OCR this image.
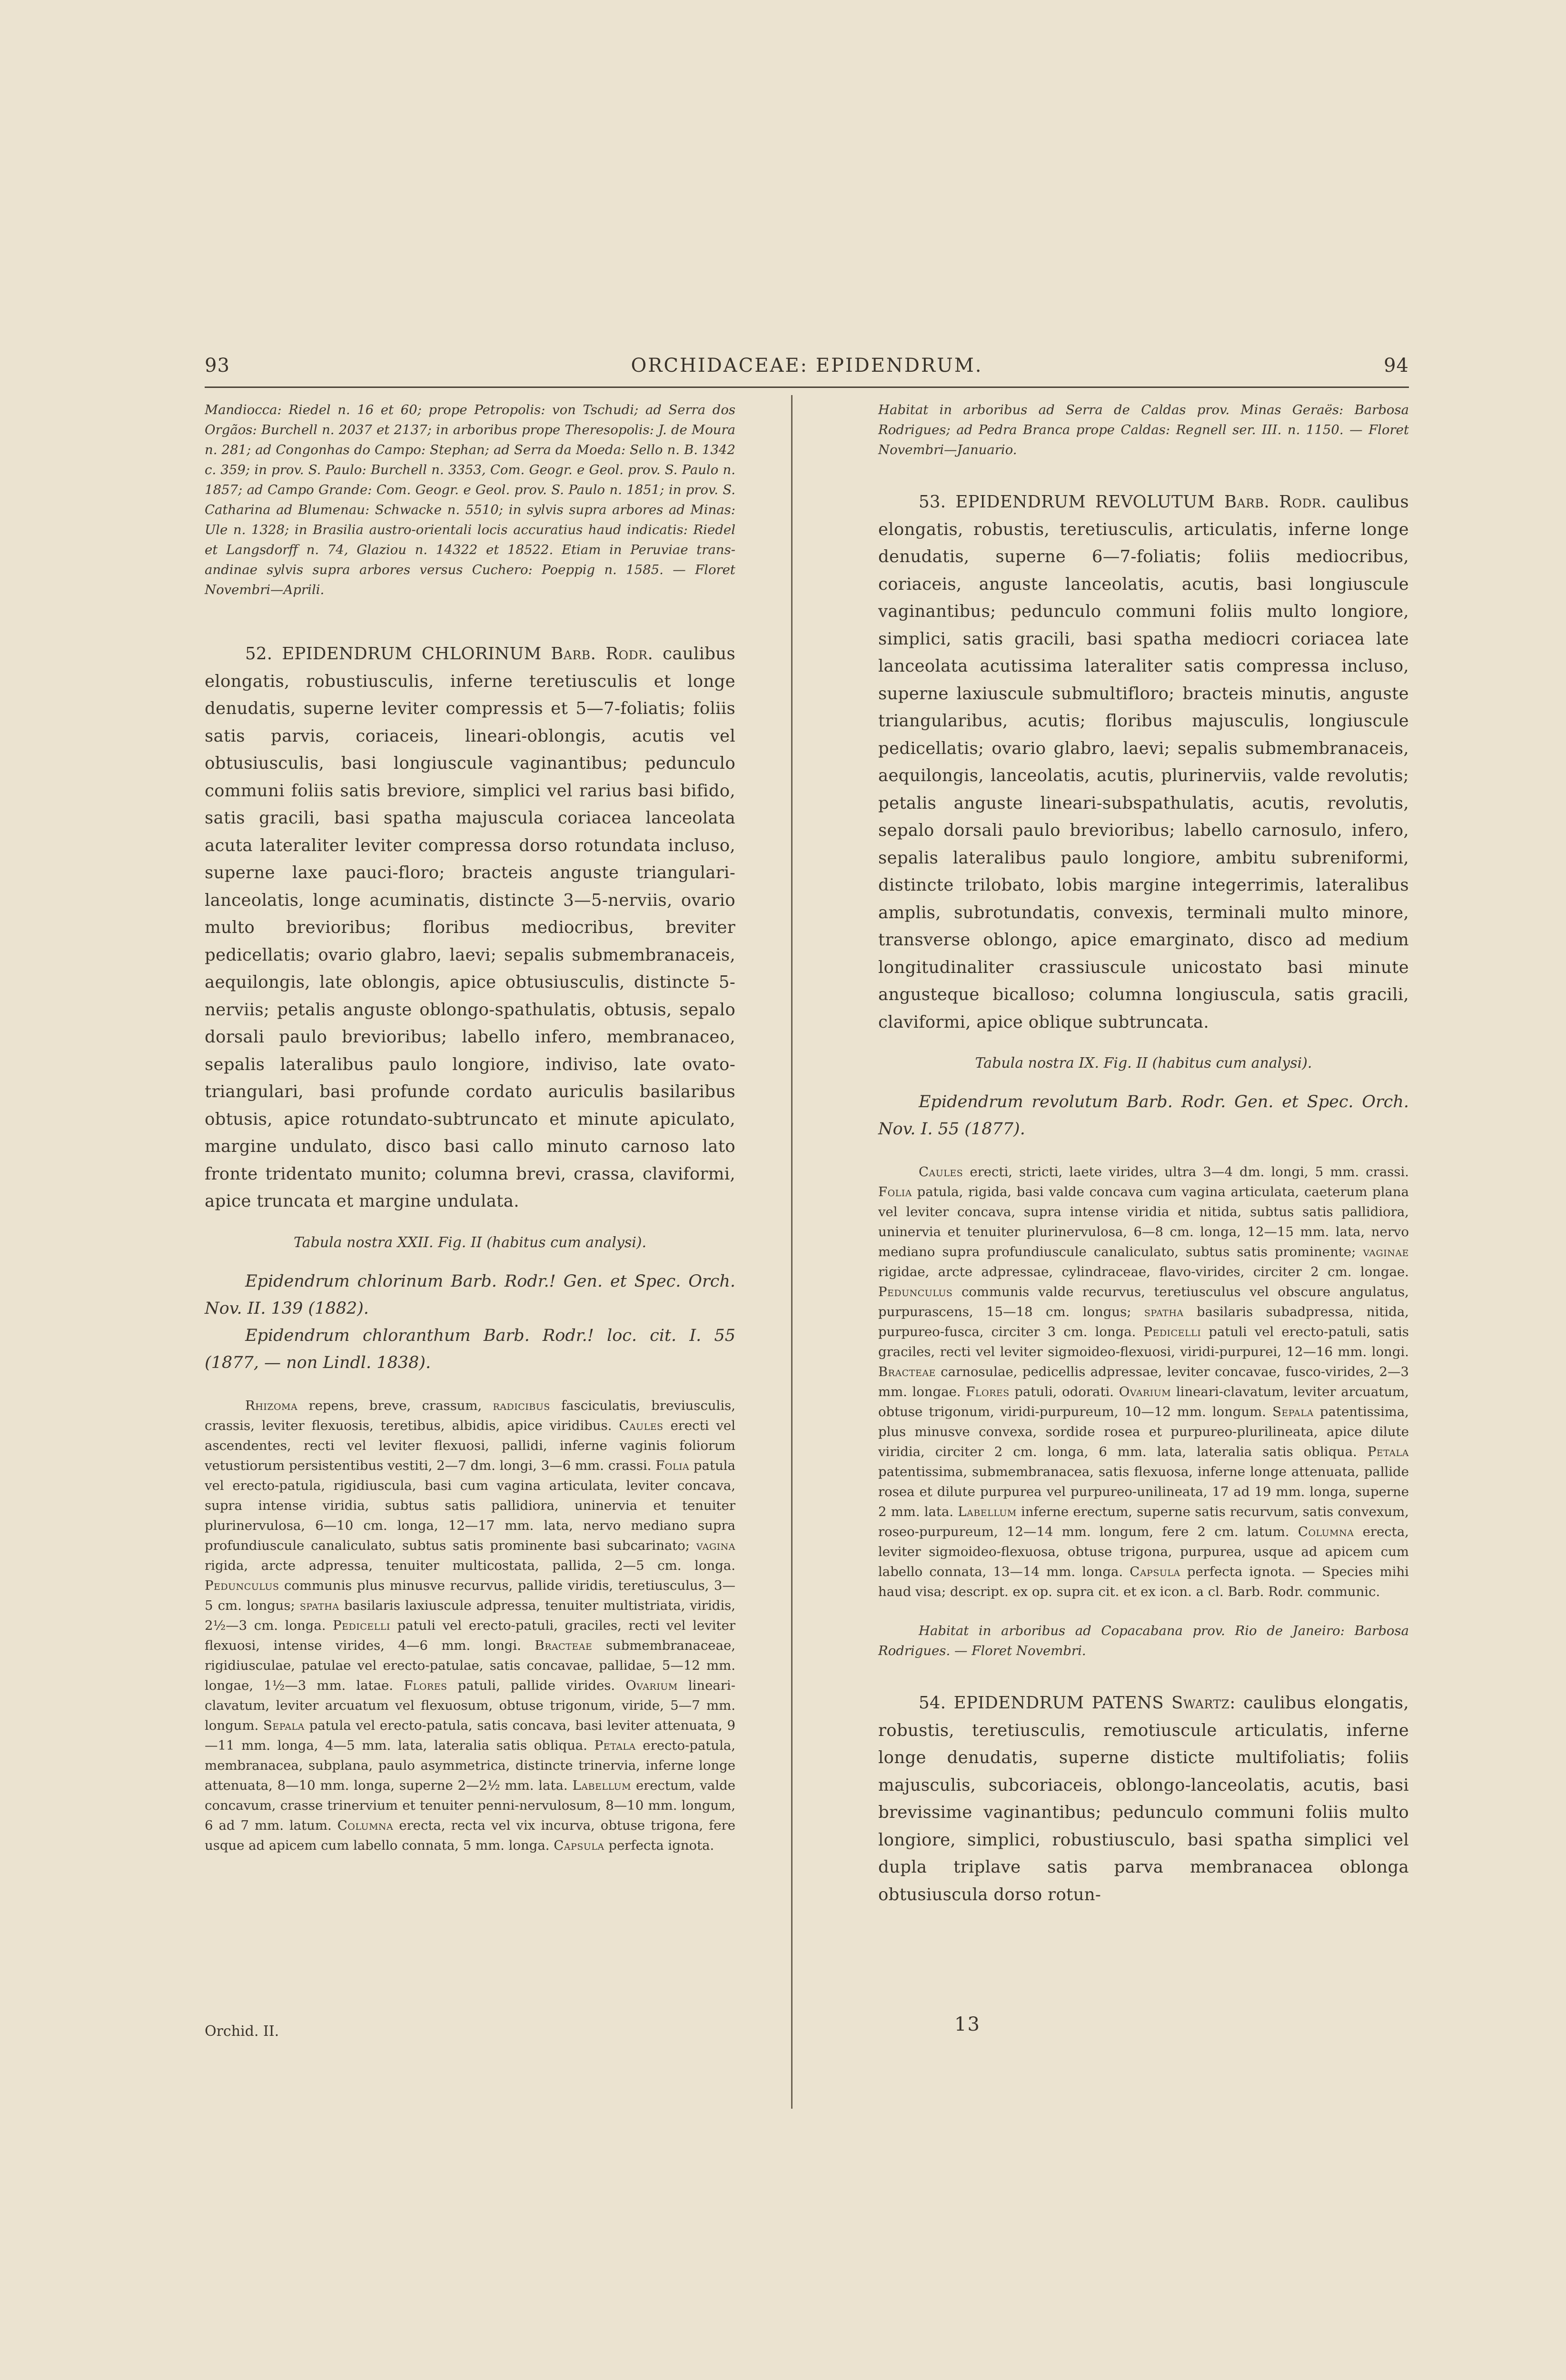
93	ORCHIDACEAE: EPIDENDRUM.	94

Mandiocca: Riedel n. 16 et 60; prope Petropolis: von Tschudi; ad Serra dos Orgãos: Burchell n. 2037 et 2137; in arboribus prope Theresopolis: J. de Moura n. 281; ad Congonhas do Campo: Stephan; ad Serra da Moeda: Sello n. B. 1342 c. 359; in prov. S. Paulo: Burchell n. 3353, Com. Geogr. e Geol. prov. S. Paulo n. 1857; ad Campo Grande: Com. Geogr. e Geol. prov. S. Paulo n. 1851; in prov. S. Catharina ad Blumenau: Schwacke n. 5510; in sylvis supra arbores ad Minas: Ule n. 1328; in Brasilia austro-orientali locis accuratius haud indicatis: Riedel et Langsdorff n. 74, Glaziou n. 14322 et 18522. Etiam in Peruviae trans-andinae sylvis supra arbores versus Cuchero: Poeppig n. 1585. — Floret Novembri—Aprili.

52. EPIDENDRUM CHLORINUM Barb. Rodr. caulibus elongatis, robustiusculis, inferne teretiusculis et longe denudatis, superne leviter compressis et 5—7-foliatis; foliis satis parvis, coriaceis, lineari-oblongis, acutis vel obtusiusculis, basi longiuscule vaginantibus; pedunculo communi foliis satis breviore, simplici vel rarius basi bifido, satis gracili, basi spatha majuscula coriacea lanceolata acuta lateraliter leviter compressa dorso rotundata incluso, superne laxe pauci-floro; bracteis anguste triangulari-lanceolatis, longe acuminatis, distincte 3—5-nerviis, ovario multo brevioribus; floribus mediocribus, breviter pedicellatis; ovario glabro, laevi; sepalis submembranaceis, aequilongis, late oblongis, apice obtusiusculis, distincte 5-nerviis; petalis anguste oblongo-spathulatis, obtusis, sepalo dorsali paulo brevioribus; labello infero, membranaceo, sepalis lateralibus paulo longiore, indiviso, late ovato-triangulari, basi profunde cordato auriculis basilaribus obtusis, apice rotundato-subtruncato et minute apiculato, margine undulato, disco basi callo minuto carnoso lato fronte tridentato munito; columna brevi, crassa, claviformi, apice truncata et margine undulata.

Tabula nostra XXII. Fig. II (habitus cum analysi).

Epidendrum chlorinum Barb. Rodr.! Gen. et Spec. Orch. Nov. II. 139 (1882).

Epidendrum chloranthum Barb. Rodr.! loc. cit. I. 55 (1877, — non Lindl. 1838).

Rhizoma repens, breve, crassum, radicibus fasciculatis, breviusculis, crassis, leviter flexuosis, teretibus, albidis, apice viridibus. Caules erecti vel ascendentes, recti vel leviter flexuosi, pallidi, inferne vaginis foliorum vetustiorum persistentibus vestiti, 2—7 dm. longi, 3—6 mm. crassi. Folia patula vel erecto-patula, rigidiuscula, basi cum vagina articulata, leviter concava, supra intense viridia, subtus satis pallidiora, uninervia et tenuiter plurinervulosa, 6—10 cm. longa, 12—17 mm. lata, nervo mediano supra profundiuscule canaliculato, subtus satis prominente basi subcarinato; vagina rigida, arcte adpressa, tenuiter multicostata, pallida, 2—5 cm. longa. Pedunculus communis plus minusve recurvus, pallide viridis, teretiusculus, 3—5 cm. longus; spatha basilaris laxiuscule adpressa, tenuiter multistriata, viridis, 2½—3 cm. longa. Pedicelli patuli vel erecto-patuli, graciles, recti vel leviter flexuosi, intense virides, 4—6 mm. longi. Bracteae submembranaceae, rigidiusculae, patulae vel erecto-patulae, satis concavae, pallidae, 5—12 mm. longae, 1½—3 mm. latae. Flores patuli, pallide virides. Ovarium lineari-clavatum, leviter arcuatum vel flexuosum, obtuse trigonum, viride, 5—7 mm. longum. Sepala patula vel erecto-patula, satis concava, basi leviter attenuata, 9—11 mm. longa, 4—5 mm. lata, lateralia satis obliqua. Petala erecto-patula, membranacea, subplana, paulo asymmetrica, distincte trinervia, inferne longe attenuata, 8—10 mm. longa, superne 2—2½ mm. lata. Labellum erectum, valde concavum, crasse trinervium et tenuiter penni-nervulosum, 8—10 mm. longum, 6 ad 7 mm. latum. Columna erecta, recta vel vix incurva, obtuse trigona, fere usque ad apicem cum labello connata, 5 mm. longa. Capsula perfecta ignota.

Habitat in arboribus ad Serra de Caldas prov. Minas Geraës: Barbosa Rodrigues; ad Pedra Branca prope Caldas: Regnell ser. III. n. 1150. — Floret Novembri—Januario.

53. EPIDENDRUM REVOLUTUM Barb. Rodr. caulibus elongatis, robustis, teretiusculis, articulatis, inferne longe denudatis, superne 6—7-foliatis; foliis mediocribus, coriaceis, anguste lanceolatis, acutis, basi longiuscule vaginantibus; pedunculo communi foliis multo longiore, simplici, satis gracili, basi spatha mediocri coriacea late lanceolata acutissima lateraliter satis compressa incluso, superne laxiuscule submultifloro; bracteis minutis, anguste triangularibus, acutis; floribus majusculis, longiuscule pedicellatis; ovario glabro, laevi; sepalis submembranaceis, aequilongis, lanceolatis, acutis, plurinerviis, valde revolutis; petalis anguste lineari-subspathulatis, acutis, revolutis, sepalo dorsali paulo brevioribus; labello carnosulo, infero, sepalis lateralibus paulo longiore, ambitu subreniformi, distincte trilobato, lobis margine integerrimis, lateralibus amplis, subrotundatis, convexis, terminali multo minore, transverse oblongo, apice emarginato, disco ad medium longitudinaliter crassiuscule unicostato basi minute angusteque bicalloso; columna longiuscula, satis gracili, claviformi, apice oblique subtruncata.

Tabula nostra IX. Fig. II (habitus cum analysi).

Epidendrum revolutum Barb. Rodr. Gen. et Spec. Orch. Nov. I. 55 (1877).

Caules erecti, stricti, laete virides, ultra 3—4 dm. longi, 5 mm. crassi. Folia patula, rigida, basi valde concava cum vagina articulata, caeterum plana vel leviter concava, supra intense viridia et nitida, subtus satis pallidiora, uninervia et tenuiter plurinervulosa, 6—8 cm. longa, 12—15 mm. lata, nervo mediano supra profundiuscule canaliculato, subtus satis prominente; vaginae rigidae, arcte adpressae, cylindraceae, flavo-virides, circiter 2 cm. longae. Pedunculus communis valde recurvus, teretiusculus vel obscure angulatus, purpurascens, 15—18 cm. longus; spatha basilaris subadpressa, nitida, purpureo-fusca, circiter 3 cm. longa. Pedicelli patuli vel erecto-patuli, satis graciles, recti vel leviter sigmoideo-flexuosi, viridi-purpurei, 12—16 mm. longi. Bracteae carnosulae, pedicellis adpressae, leviter concavae, fusco-virides, 2—3 mm. longae. Flores patuli, odorati. Ovarium lineari-clavatum, leviter arcuatum, obtuse trigonum, viridi-purpureum, 10—12 mm. longum. Sepala patentissima, plus minusve convexa, sordide rosea et purpureo-plurilineata, apice dilute viridia, circiter 2 cm. longa, 6 mm. lata, lateralia satis obliqua. Petala patentissima, submembranacea, satis flexuosa, inferne longe attenuata, pallide rosea et dilute purpurea vel purpureo-unilineata, 17 ad 19 mm. longa, superne 2 mm. lata. Labellum inferne erectum, superne satis recurvum, satis convexum, roseo-purpureum, 12—14 mm. longum, fere 2 cm. latum. Columna erecta, leviter sigmoideo-flexuosa, obtuse trigona, purpurea, usque ad apicem cum labello connata, 13—14 mm. longa. Capsula perfecta ignota. — Species mihi haud visa; descript. ex op. supra cit. et ex icon. a cl. Barb. Rodr. communic.

Habitat in arboribus ad Copacabana prov. Rio de Janeiro: Barbosa Rodrigues. — Floret Novembri.

54. EPIDENDRUM PATENS Swartz: caulibus elongatis, robustis, teretiusculis, remotiuscule articulatis, inferne longe denudatis, superne disticte multifoliatis; foliis majusculis, subcoriaceis, oblongo-lanceolatis, acutis, basi brevissime vaginantibus; pedunculo communi foliis multo longiore, simplici, robustiusculo, basi spatha simplici vel dupla triplave satis parva membranacea oblonga obtusiuscula dorso rotun-

Orchid. II.	13
